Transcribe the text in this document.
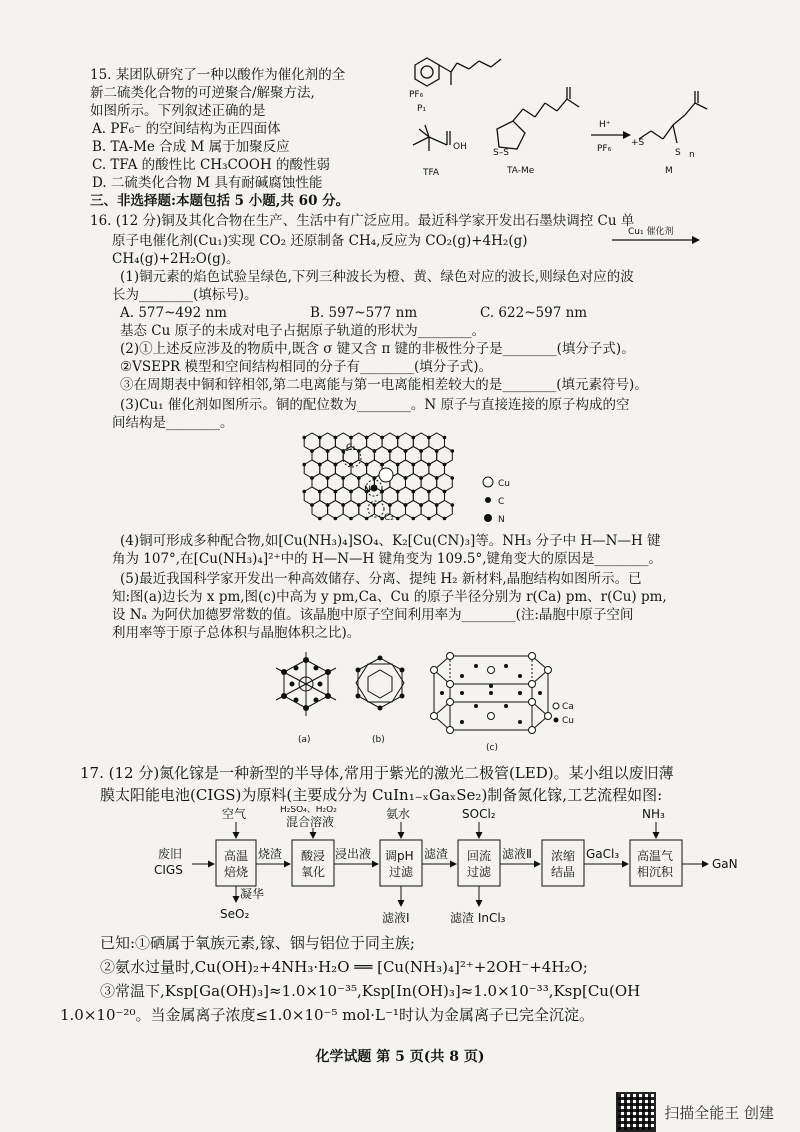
15. 某团队研究了一种以酸作为催化剂的全
新二硫类化合物的可逆聚合/解聚方法,
如图所示。下列叙述正确的是
A. PF₆⁻ 的空间结构为正四面体
B. TA-Me 合成 M 属于加聚反应
C. TFA 的酸性比 CH₃COOH 的酸性弱
D. 二硫类化合物 M 具有耐碱腐蚀性能
PF₆
P₁
OH
TFA
S–S
TA-Me
H⁺
PF₆
+S
S n
M
三、非选择题:本题包括 5 小题,共 60 分。
16. (12 分)铜及其化合物在生产、生活中有广泛应用。最近科学家开发出石墨炔调控 Cu 单
原子电催化剂(Cu₁)实现 CO₂ 还原制备 CH₄,反应为 CO₂(g)+4H₂(g)
Cu₁ 催化剂
CH₄(g)+2H₂O(g)。
(1)铜元素的焰色试验呈绿色,下列三种波长为橙、黄、绿色对应的波长,则绿色对应的波
长为________(填标号)。
A. 577~492 nm	B. 597~577 nm	C. 622~597 nm
基态 Cu 原子的未成对电子占据原子轨道的形状为________。
(2)①上述反应涉及的物质中,既含 σ 键又含 π 键的非极性分子是________(填分子式)。
②VSEPR 模型和空间结构相同的分子有________(填分子式)。
③在周期表中铜和锌相邻,第二电离能与第一电离能相差较大的是________(填元素符号)。
(3)Cu₁ 催化剂如图所示。铜的配位数为________。N 原子与直接连接的原子构成的空
间结构是________。
C₁
N
C₂
Cu
C
N
(4)铜可形成多种配合物,如[Cu(NH₃)₄]SO₄、K₂[Cu(CN)₃]等。NH₃ 分子中 H—N—H 键
角为 107°,在[Cu(NH₃)₄]²⁺中的 H—N—H 键角变为 109.5°,键角变大的原因是________。
(5)最近我国科学家开发出一种高效储存、分离、提纯 H₂ 新材料,晶胞结构如图所示。已
知:图(a)边长为 x pm,图(c)中高为 y pm,Ca、Cu 的原子半径分别为 r(Ca) pm、r(Cu) pm,
设 Nₐ 为阿伏加德罗常数的值。该晶胞中原子空间利用率为________(注:晶胞中原子空间
利用率等于原子总体积与晶胞体积之比)。
(a)	(b)
Ca
Cu
(c)
17. (12 分)氮化镓是一种新型的半导体,常用于紫光的激光二极管(LED)。某小组以废旧薄
膜太阳能电池(CIGS)为原料(主要成分为 CuIn₁₋ₓGaₓSe₂)制备氮化镓,工艺流程如图:
废旧
CIGS
高温
焙烧
空气
凝华
SeO₂
烧渣 酸浸
氧化
H₂SO₄、H₂O₂
混合溶液
浸出液 调pH
过滤
氨水
滤液Ⅰ
滤渣 回流
过滤
SOCl₂
滤渣 InCl₃
滤液Ⅱ 浓缩
结晶
GaCl₃ 高温气
相沉积
NH₃
GaN
已知:①硒属于氧族元素,镓、铟与铝位于同主族;
②氨水过量时,Cu(OH)₂+4NH₃·H₂O ══ [Cu(NH₃)₄]²⁺+2OH⁻+4H₂O;
③常温下,Ksp[Ga(OH)₃]≈1.0×10⁻³⁵,Ksp[In(OH)₃]≈1.0×10⁻³³,Ksp[Cu(OH
1.0×10⁻²⁰。当金属离子浓度≤1.0×10⁻⁵ mol·L⁻¹时认为金属离子已完全沉淀。
化学试题 第 5 页(共 8 页)
扫描全能王 创建
